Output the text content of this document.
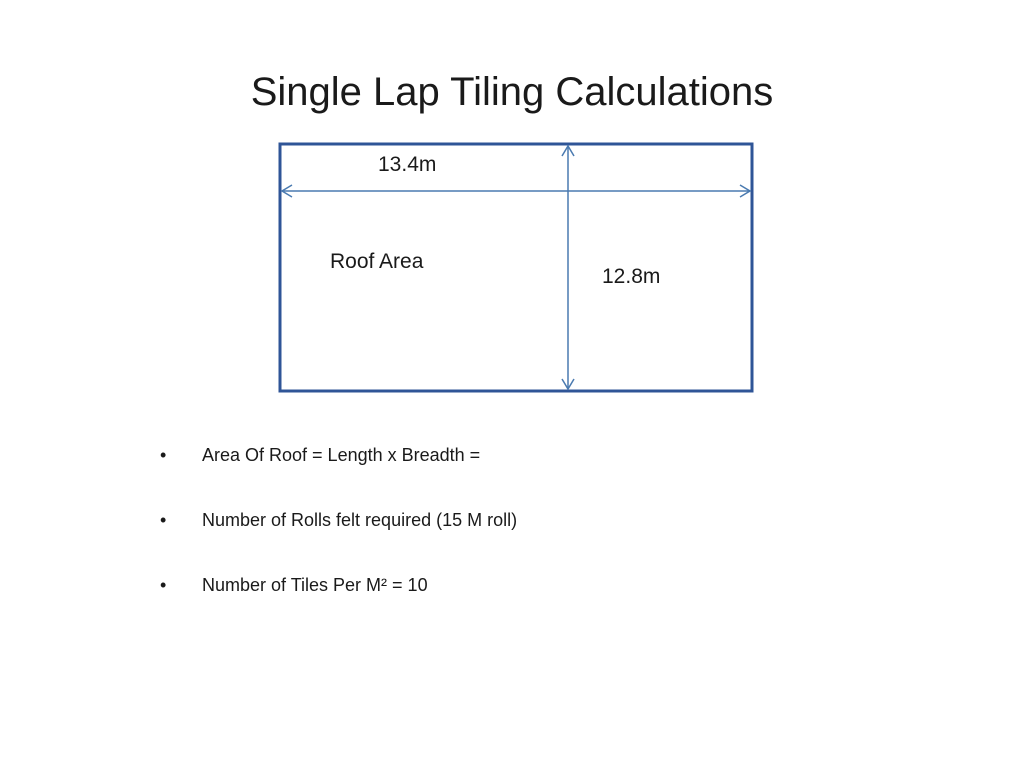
Single Lap Tiling Calculations
13.4m
Roof Area
12.8m
• Area Of Roof = Length x Breadth =
• Number of Rolls felt required (15 M roll)
• Number of Tiles Per M² = 10
